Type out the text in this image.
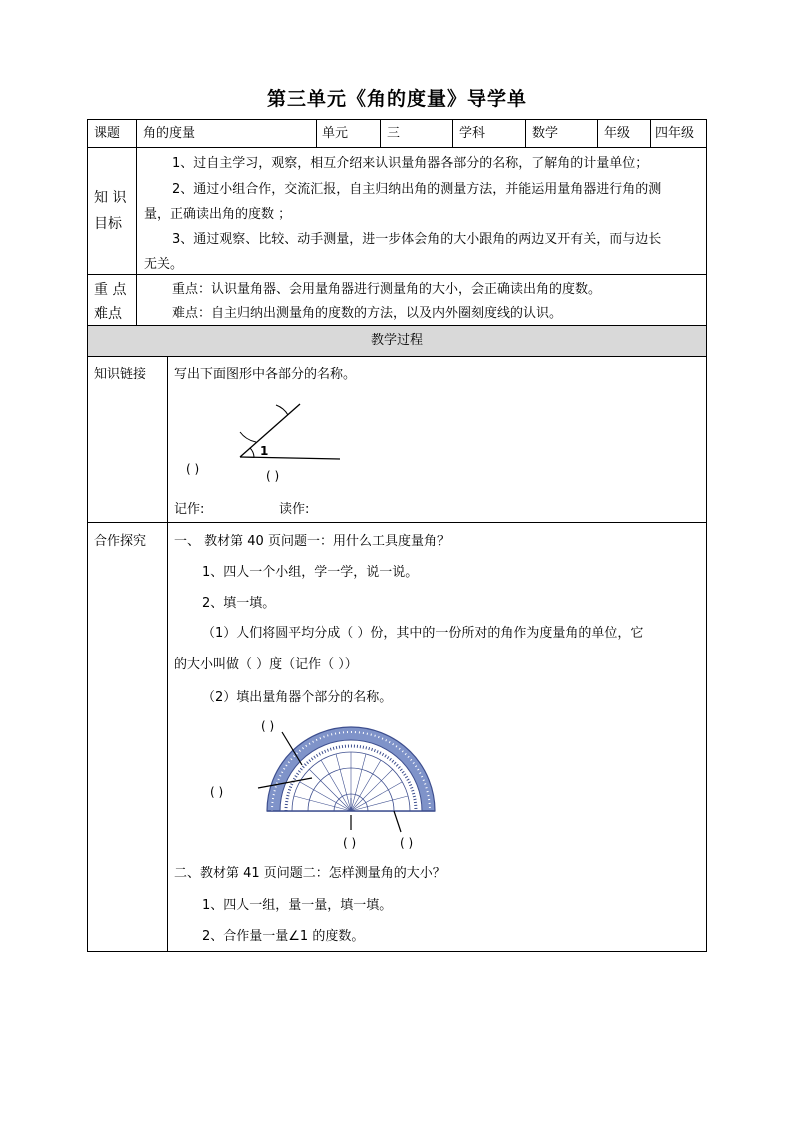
第三单元《角的度量》导学单
教学过程
课题 角的度量	单元	三	学科	数学	年级 四年级
知 识
目标
1、过自主学习，观察，相互介绍来认识量角器各部分的名称，了解角的计量单位；
2、通过小组合作，交流汇报，自主归纳出角的测量方法，并能运用量角器进行角的测
量，正确读出角的度数 ；
3、通过观察、比较、动手测量，进一步体会角的大小跟角的两边叉开有关，而与边长
无关。
重 点
难点
重点：认识量角器、会用量角器进行测量角的大小，会正确读出角的度数。
难点：自主归纳出测量角的度数的方法，以及内外圈刻度线的认识。
知识链接 写出下面图形中各部分的名称。
1
( )	( )
记作:	读作:
合作探究 一、 教材第 40 页问题一：用什么工具度量角？
1、四人一个小组，学一学，说一说。
2、填一填。
（1）人们将圆平均分成（ ）份，其中的一份所对的角作为度量角的单位，它
的大小叫做（ ）度（记作（ ））
（2）填出量角器个部分的名称。
( )
( )
( )	( )
二、教材第 41 页问题二：怎样测量角的大小？
1、四人一组，量一量，填一填。
2、合作量一量∠1 的度数。
